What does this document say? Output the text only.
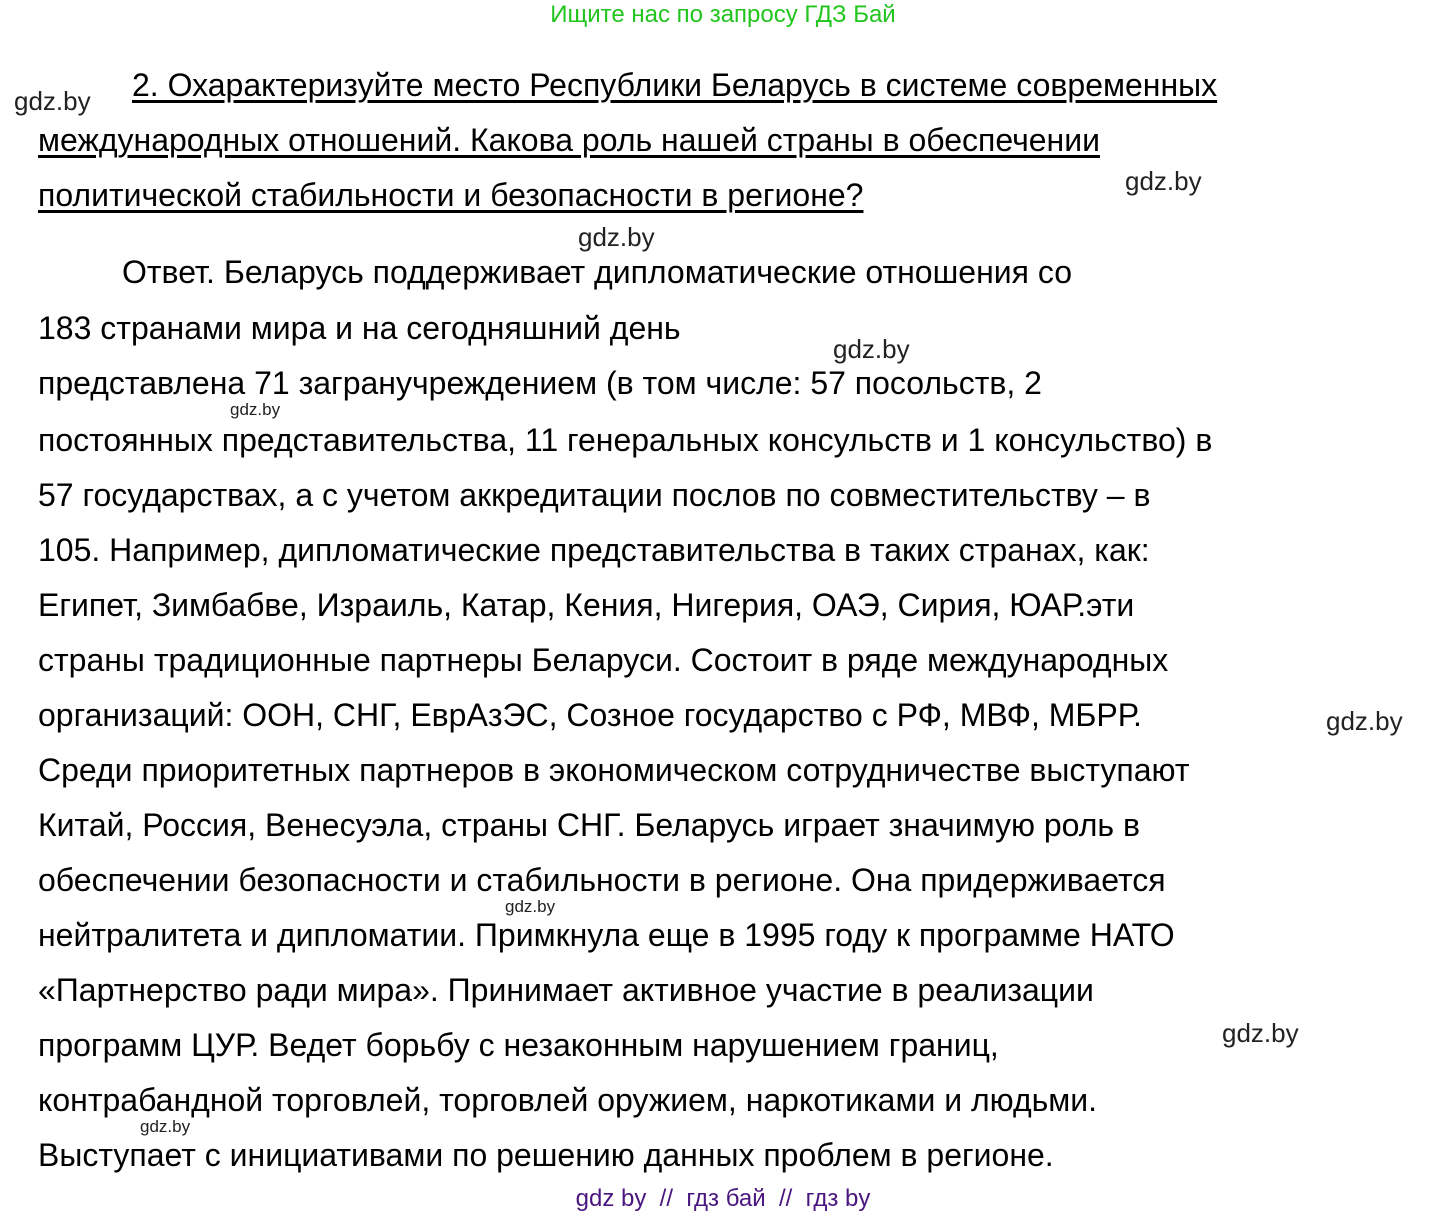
Ищите нас по запросу ГДЗ Бай
2. Охарактеризуйте место Республики Беларусь в системе современных
международных отношений. Какова роль нашей страны в обеспечении
политической стабильности и безопасности в регионе?
Ответ. Беларусь поддерживает дипломатические отношения со
183 странами мира и на сегодняшний день
представлена 71 загранучреждением (в том числе: 57 посольств, 2
постоянных представительства, 11 генеральных консульств и 1 консульство) в
57 государствах, а с учетом аккредитации послов по совместительству – в
105. Например, дипломатические представительства в таких странах, как:
Египет, Зимбабве, Израиль, Катар, Кения, Нигерия, ОАЭ, Сирия, ЮАР.эти
страны традиционные партнеры Беларуси. Состоит в ряде международных
организаций: ООН, СНГ, ЕврАзЭС, Созное государство с РФ, МВФ, МБРР.
Среди приоритетных партнеров в экономическом сотрудничестве выступают
Китай, Россия, Венесуэла, страны СНГ. Беларусь играет значимую роль в
обеспечении безопасности и стабильности в регионе. Она придерживается
нейтралитета и дипломатии. Примкнула еще в 1995 году к программе НАТО
«Партнерство ради мира». Принимает активное участие в реализации
программ ЦУР. Ведет борьбу с незаконным нарушением границ,
контрабандной торговлей, торговлей оружием, наркотиками и людьми.
Выступает с инициативами по решению данных проблем в регионе.
gdz.by
gdz.by
gdz.by
gdz.by
gdz.by
gdz.by
gdz.by
gdz.by
gdz.by
gdz by  //  гдз бай  //  гдз by
